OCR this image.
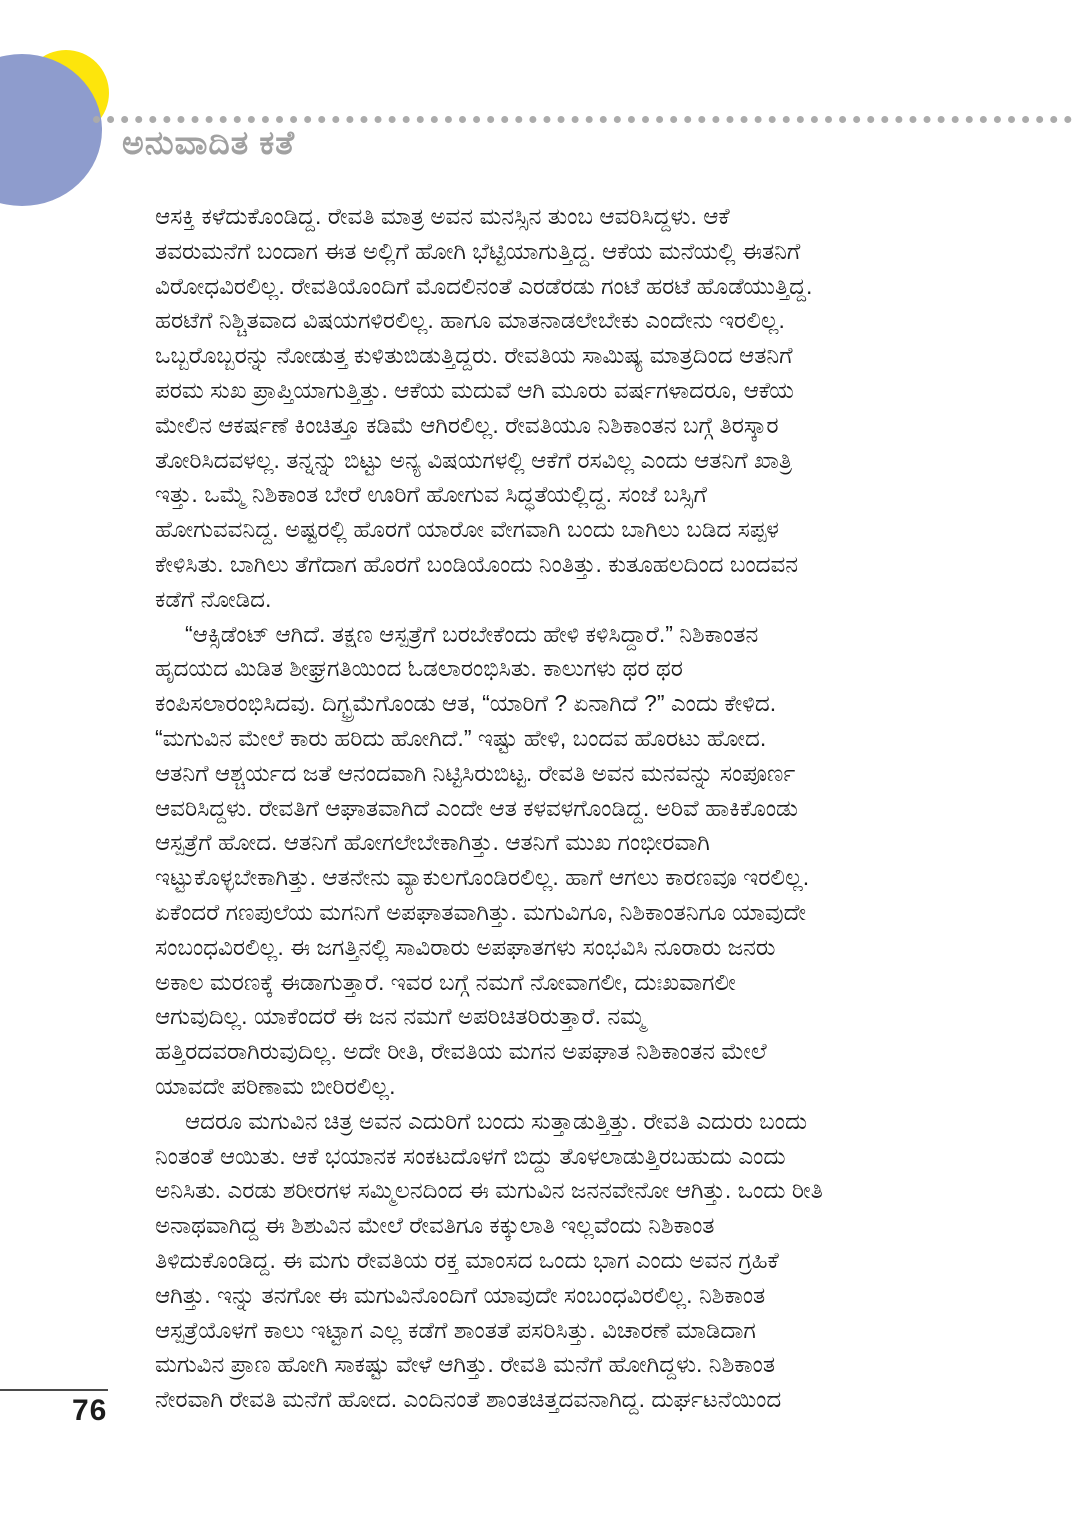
ಅನುವಾದಿತ ಕತೆ
ಆಸಕ್ತಿ ಕಳೆದುಕೊಂಡಿದ್ದ. ರೇವತಿ ಮಾತ್ರ ಅವನ ಮನಸ್ಸಿನ ತುಂಬ ಆವರಿಸಿದ್ದಳು. ಆಕೆ
ತವರುಮನೆಗೆ ಬಂದಾಗ ಈತ ಅಲ್ಲಿಗೆ ಹೋಗಿ ಭೆಟ್ಟಿಯಾಗುತ್ತಿದ್ದ. ಆಕೆಯ ಮನೆಯಲ್ಲಿ ಈತನಿಗೆ
ವಿರೋಧವಿರಲಿಲ್ಲ. ರೇವತಿಯೊಂದಿಗೆ ಮೊದಲಿನಂತೆ ಎರಡೆರಡು ಗಂಟೆ ಹರಟೆ ಹೊಡೆಯುತ್ತಿದ್ದ.
ಹರಟೆಗೆ ನಿಶ್ಚಿತವಾದ ವಿಷಯಗಳಿರಲಿಲ್ಲ. ಹಾಗೂ ಮಾತನಾಡಲೇಬೇಕು ಎಂದೇನು ಇರಲಿಲ್ಲ.
ಒಬ್ಬರೊಬ್ಬರನ್ನು ನೋಡುತ್ತ ಕುಳಿತುಬಿಡುತ್ತಿದ್ದರು. ರೇವತಿಯ ಸಾಮಿಷ್ಯ ಮಾತ್ರದಿಂದ ಆತನಿಗೆ
ಪರಮ ಸುಖ ಪ್ರಾಪ್ತಿಯಾಗುತ್ತಿತ್ತು. ಆಕೆಯ ಮದುವೆ ಆಗಿ ಮೂರು ವರ್ಷಗಳಾದರೂ, ಆಕೆಯ
ಮೇಲಿನ ಆಕರ್ಷಣೆ ಕಿಂಚಿತ್ತೂ ಕಡಿಮೆ ಆಗಿರಲಿಲ್ಲ. ರೇವತಿಯೂ ನಿಶಿಕಾಂತನ ಬಗ್ಗೆ ತಿರಸ್ಕಾರ
ತೋರಿಸಿದವಳಲ್ಲ. ತನ್ನನ್ನು ಬಿಟ್ಟು ಅನ್ಯ ವಿಷಯಗಳಲ್ಲಿ ಆಕೆಗೆ ರಸವಿಲ್ಲ ಎಂದು ಆತನಿಗೆ ಖಾತ್ರಿ
ಇತ್ತು. ಒಮ್ಮೆ ನಿಶಿಕಾಂತ ಬೇರೆ ಊರಿಗೆ ಹೋಗುವ ಸಿದ್ಧತೆಯಲ್ಲಿದ್ದ. ಸಂಜೆ ಬಸ್ಸಿಗೆ
ಹೋಗುವವನಿದ್ದ. ಅಷ್ಟರಲ್ಲಿ ಹೊರಗೆ ಯಾರೋ ವೇಗವಾಗಿ ಬಂದು ಬಾಗಿಲು ಬಡಿದ ಸಪ್ಪಳ
ಕೇಳಿಸಿತು. ಬಾಗಿಲು ತೆಗೆದಾಗ ಹೊರಗೆ ಬಂಡಿಯೊಂದು ನಿಂತಿತ್ತು. ಕುತೂಹಲದಿಂದ ಬಂದವನ
ಕಡೆಗೆ ನೋಡಿದ.
“ಆಕ್ಸಿಡೆಂಟ್ ಆಗಿದೆ. ತಕ್ಷಣ ಆಸ್ಪತ್ರೆಗೆ ಬರಬೇಕೆಂದು ಹೇಳಿ ಕಳಿಸಿದ್ದಾರೆ.” ನಿಶಿಕಾಂತನ
ಹೃದಯದ ಮಿಡಿತ ಶೀಘ್ರಗತಿಯಿಂದ ಓಡಲಾರಂಭಿಸಿತು. ಕಾಲುಗಳು ಥರ ಥರ
ಕಂಪಿಸಲಾರಂಭಿಸಿದವು. ದಿಗ್ಭ್ರಮೆಗೊಂಡು ಆತ, “ಯಾರಿಗೆ ? ಏನಾಗಿದೆ ?” ಎಂದು ಕೇಳಿದ.
“ಮಗುವಿನ ಮೇಲೆ ಕಾರು ಹರಿದು ಹೋಗಿದೆ.” ಇಷ್ಟು ಹೇಳಿ, ಬಂದವ ಹೊರಟು ಹೋದ.
ಆತನಿಗೆ ಆಶ್ಚರ್ಯದ ಜತೆ ಆನಂದವಾಗಿ ನಿಟ್ಟಿಸಿರುಬಿಟ್ಟ. ರೇವತಿ ಅವನ ಮನವನ್ನು ಸಂಪೂರ್ಣ
ಆವರಿಸಿದ್ದಳು. ರೇವತಿಗೆ ಆಘಾತವಾಗಿದೆ ಎಂದೇ ಆತ ಕಳವಳಗೊಂಡಿದ್ದ. ಅರಿವೆ ಹಾಕಿಕೊಂಡು
ಆಸ್ಪತ್ರೆಗೆ ಹೋದ. ಆತನಿಗೆ ಹೋಗಲೇಬೇಕಾಗಿತ್ತು. ಆತನಿಗೆ ಮುಖ ಗಂಭೀರವಾಗಿ
ಇಟ್ಟುಕೊಳ್ಳಬೇಕಾಗಿತ್ತು. ಆತನೇನು ವ್ಯಾಕುಲಗೊಂಡಿರಲಿಲ್ಲ. ಹಾಗೆ ಆಗಲು ಕಾರಣವೂ ಇರಲಿಲ್ಲ.
ಏಕೆಂದರೆ ಗಣಪುಲೆಯ ಮಗನಿಗೆ ಅಪಘಾತವಾಗಿತ್ತು. ಮಗುವಿಗೂ, ನಿಶಿಕಾಂತನಿಗೂ ಯಾವುದೇ
ಸಂಬಂಧವಿರಲಿಲ್ಲ. ಈ ಜಗತ್ತಿನಲ್ಲಿ ಸಾವಿರಾರು ಅಪಘಾತಗಳು ಸಂಭವಿಸಿ ನೂರಾರು ಜನರು
ಅಕಾಲ ಮರಣಕ್ಕೆ ಈಡಾಗುತ್ತಾರೆ. ಇವರ ಬಗ್ಗೆ ನಮಗೆ ನೋವಾಗಲೀ, ದುಃಖವಾಗಲೀ
ಆಗುವುದಿಲ್ಲ. ಯಾಕೆಂದರೆ ಈ ಜನ ನಮಗೆ ಅಪರಿಚಿತರಿರುತ್ತಾರೆ. ನಮ್ಮ
ಹತ್ತಿರದವರಾಗಿರುವುದಿಲ್ಲ. ಅದೇ ರೀತಿ, ರೇವತಿಯ ಮಗನ ಅಪಘಾತ ನಿಶಿಕಾಂತನ ಮೇಲೆ
ಯಾವದೇ ಪರಿಣಾಮ ಬೀರಿರಲಿಲ್ಲ.
ಆದರೂ ಮಗುವಿನ ಚಿತ್ರ ಅವನ ಎದುರಿಗೆ ಬಂದು ಸುತ್ತಾಡುತ್ತಿತ್ತು. ರೇವತಿ ಎದುರು ಬಂದು
ನಿಂತಂತೆ ಆಯಿತು. ಆಕೆ ಭಯಾನಕ ಸಂಕಟದೊಳಗೆ ಬಿದ್ದು ತೊಳಲಾಡುತ್ತಿರಬಹುದು ಎಂದು
ಅನಿಸಿತು. ಎರಡು ಶರೀರಗಳ ಸಮ್ಮಿಲನದಿಂದ ಈ ಮಗುವಿನ ಜನನವೇನೋ ಆಗಿತ್ತು. ಒಂದು ರೀತಿ
ಅನಾಥವಾಗಿದ್ದ ಈ ಶಿಶುವಿನ ಮೇಲೆ ರೇವತಿಗೂ ಕಕ್ಕುಲಾತಿ ಇಲ್ಲವೆಂದು ನಿಶಿಕಾಂತ
ತಿಳಿದುಕೊಂಡಿದ್ದ. ಈ ಮಗು ರೇವತಿಯ ರಕ್ತ ಮಾಂಸದ ಒಂದು ಭಾಗ ಎಂದು ಅವನ ಗ್ರಹಿಕೆ
ಆಗಿತ್ತು. ಇನ್ನು ತನಗೋ ಈ ಮಗುವಿನೊಂದಿಗೆ ಯಾವುದೇ ಸಂಬಂಧವಿರಲಿಲ್ಲ. ನಿಶಿಕಾಂತ
ಆಸ್ಪತ್ರೆಯೊಳಗೆ ಕಾಲು ಇಟ್ಟಾಗ ಎಲ್ಲ ಕಡೆಗೆ ಶಾಂತತೆ ಪಸರಿಸಿತ್ತು. ವಿಚಾರಣೆ ಮಾಡಿದಾಗ
ಮಗುವಿನ ಪ್ರಾಣ ಹೋಗಿ ಸಾಕಷ್ಟು ವೇಳೆ ಆಗಿತ್ತು. ರೇವತಿ ಮನೆಗೆ ಹೋಗಿದ್ದಳು. ನಿಶಿಕಾಂತ
ನೇರವಾಗಿ ರೇವತಿ ಮನೆಗೆ ಹೋದ. ಎಂದಿನಂತೆ ಶಾಂತಚಿತ್ತದವನಾಗಿದ್ದ. ದುರ್ಘಟನೆಯಿಂದ
76
